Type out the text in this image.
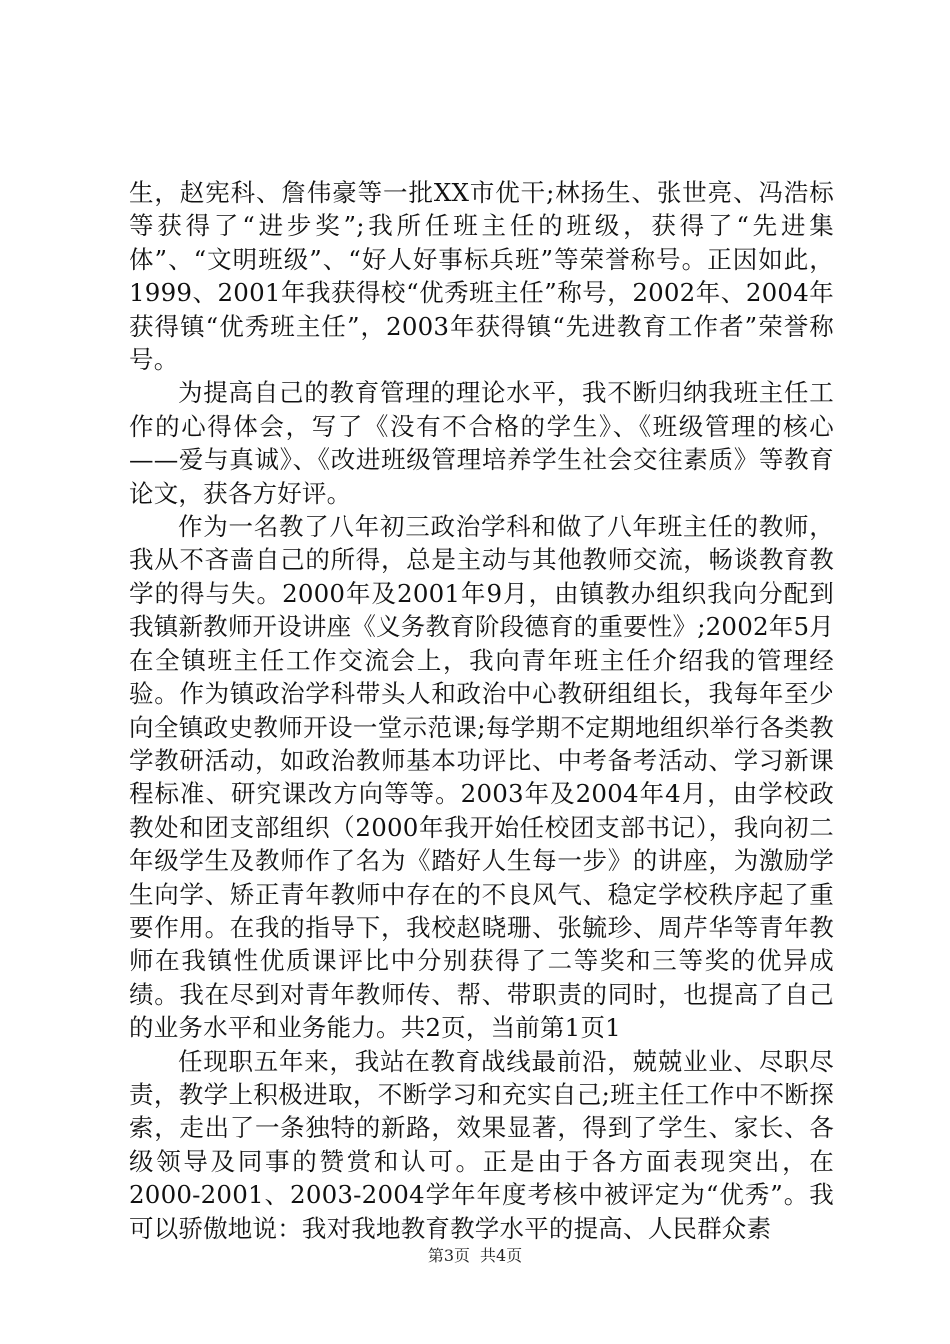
生，赵宪科、詹伟豪等一批XX市优干;林扬生、张世亮、冯浩标等获得了“进步奖”;我所任班主任的班级，获得了“先进集体”、“文明班级”、“好人好事标兵班”等荣誉称号。正因如此，1999、2001年我获得校“优秀班主任”称号，2002年、2004年获得镇“优秀班主任”，2003年获得镇“先进教育工作者”荣誉称号。

为提高自己的教育管理的理论水平，我不断归纳我班主任工作的心得体会，写了《没有不合格的学生》、《班级管理的核心——爱与真诚》、《改进班级管理培养学生社会交往素质》等教育论文，获各方好评。

作为一名教了八年初三政治学科和做了八年班主任的教师，我从不吝啬自己的所得，总是主动与其他教师交流，畅谈教育教学的得与失。2000年及2001年9月，由镇教办组织我向分配到我镇新教师开设讲座《义务教育阶段德育的重要性》;2002年5月在全镇班主任工作交流会上，我向青年班主任介绍我的管理经验。作为镇政治学科带头人和政治中心教研组组长，我每年至少向全镇政史教师开设一堂示范课;每学期不定期地组织举行各类教学教研活动，如政治教师基本功评比、中考备考活动、学习新课程标准、研究课改方向等等。2003年及2004年4月，由学校政教处和团支部组织（2000年我开始任校团支部书记），我向初二年级学生及教师作了名为《踏好人生每一步》的讲座，为激励学生向学、矫正青年教师中存在的不良风气、稳定学校秩序起了重要作用。在我的指导下，我校赵晓珊、张毓珍、周芹华等青年教师在我镇性优质课评比中分别获得了二等奖和三等奖的优异成绩。我在尽到对青年教师传、帮、带职责的同时，也提高了自己的业务水平和业务能力。共2页，当前第1页1

任现职五年来，我站在教育战线最前沿，兢兢业业、尽职尽责，教学上积极进取，不断学习和充实自己;班主任工作中不断探索，走出了一条独特的新路，效果显著，得到了学生、家长、各级领导及同事的赞赏和认可。正是由于各方面表现突出，在2000-2001、2003-2004学年年度考核中被评定为“优秀”。我可以骄傲地说：我对我地教育教学水平的提高、人民群众素

第3页 共4页
